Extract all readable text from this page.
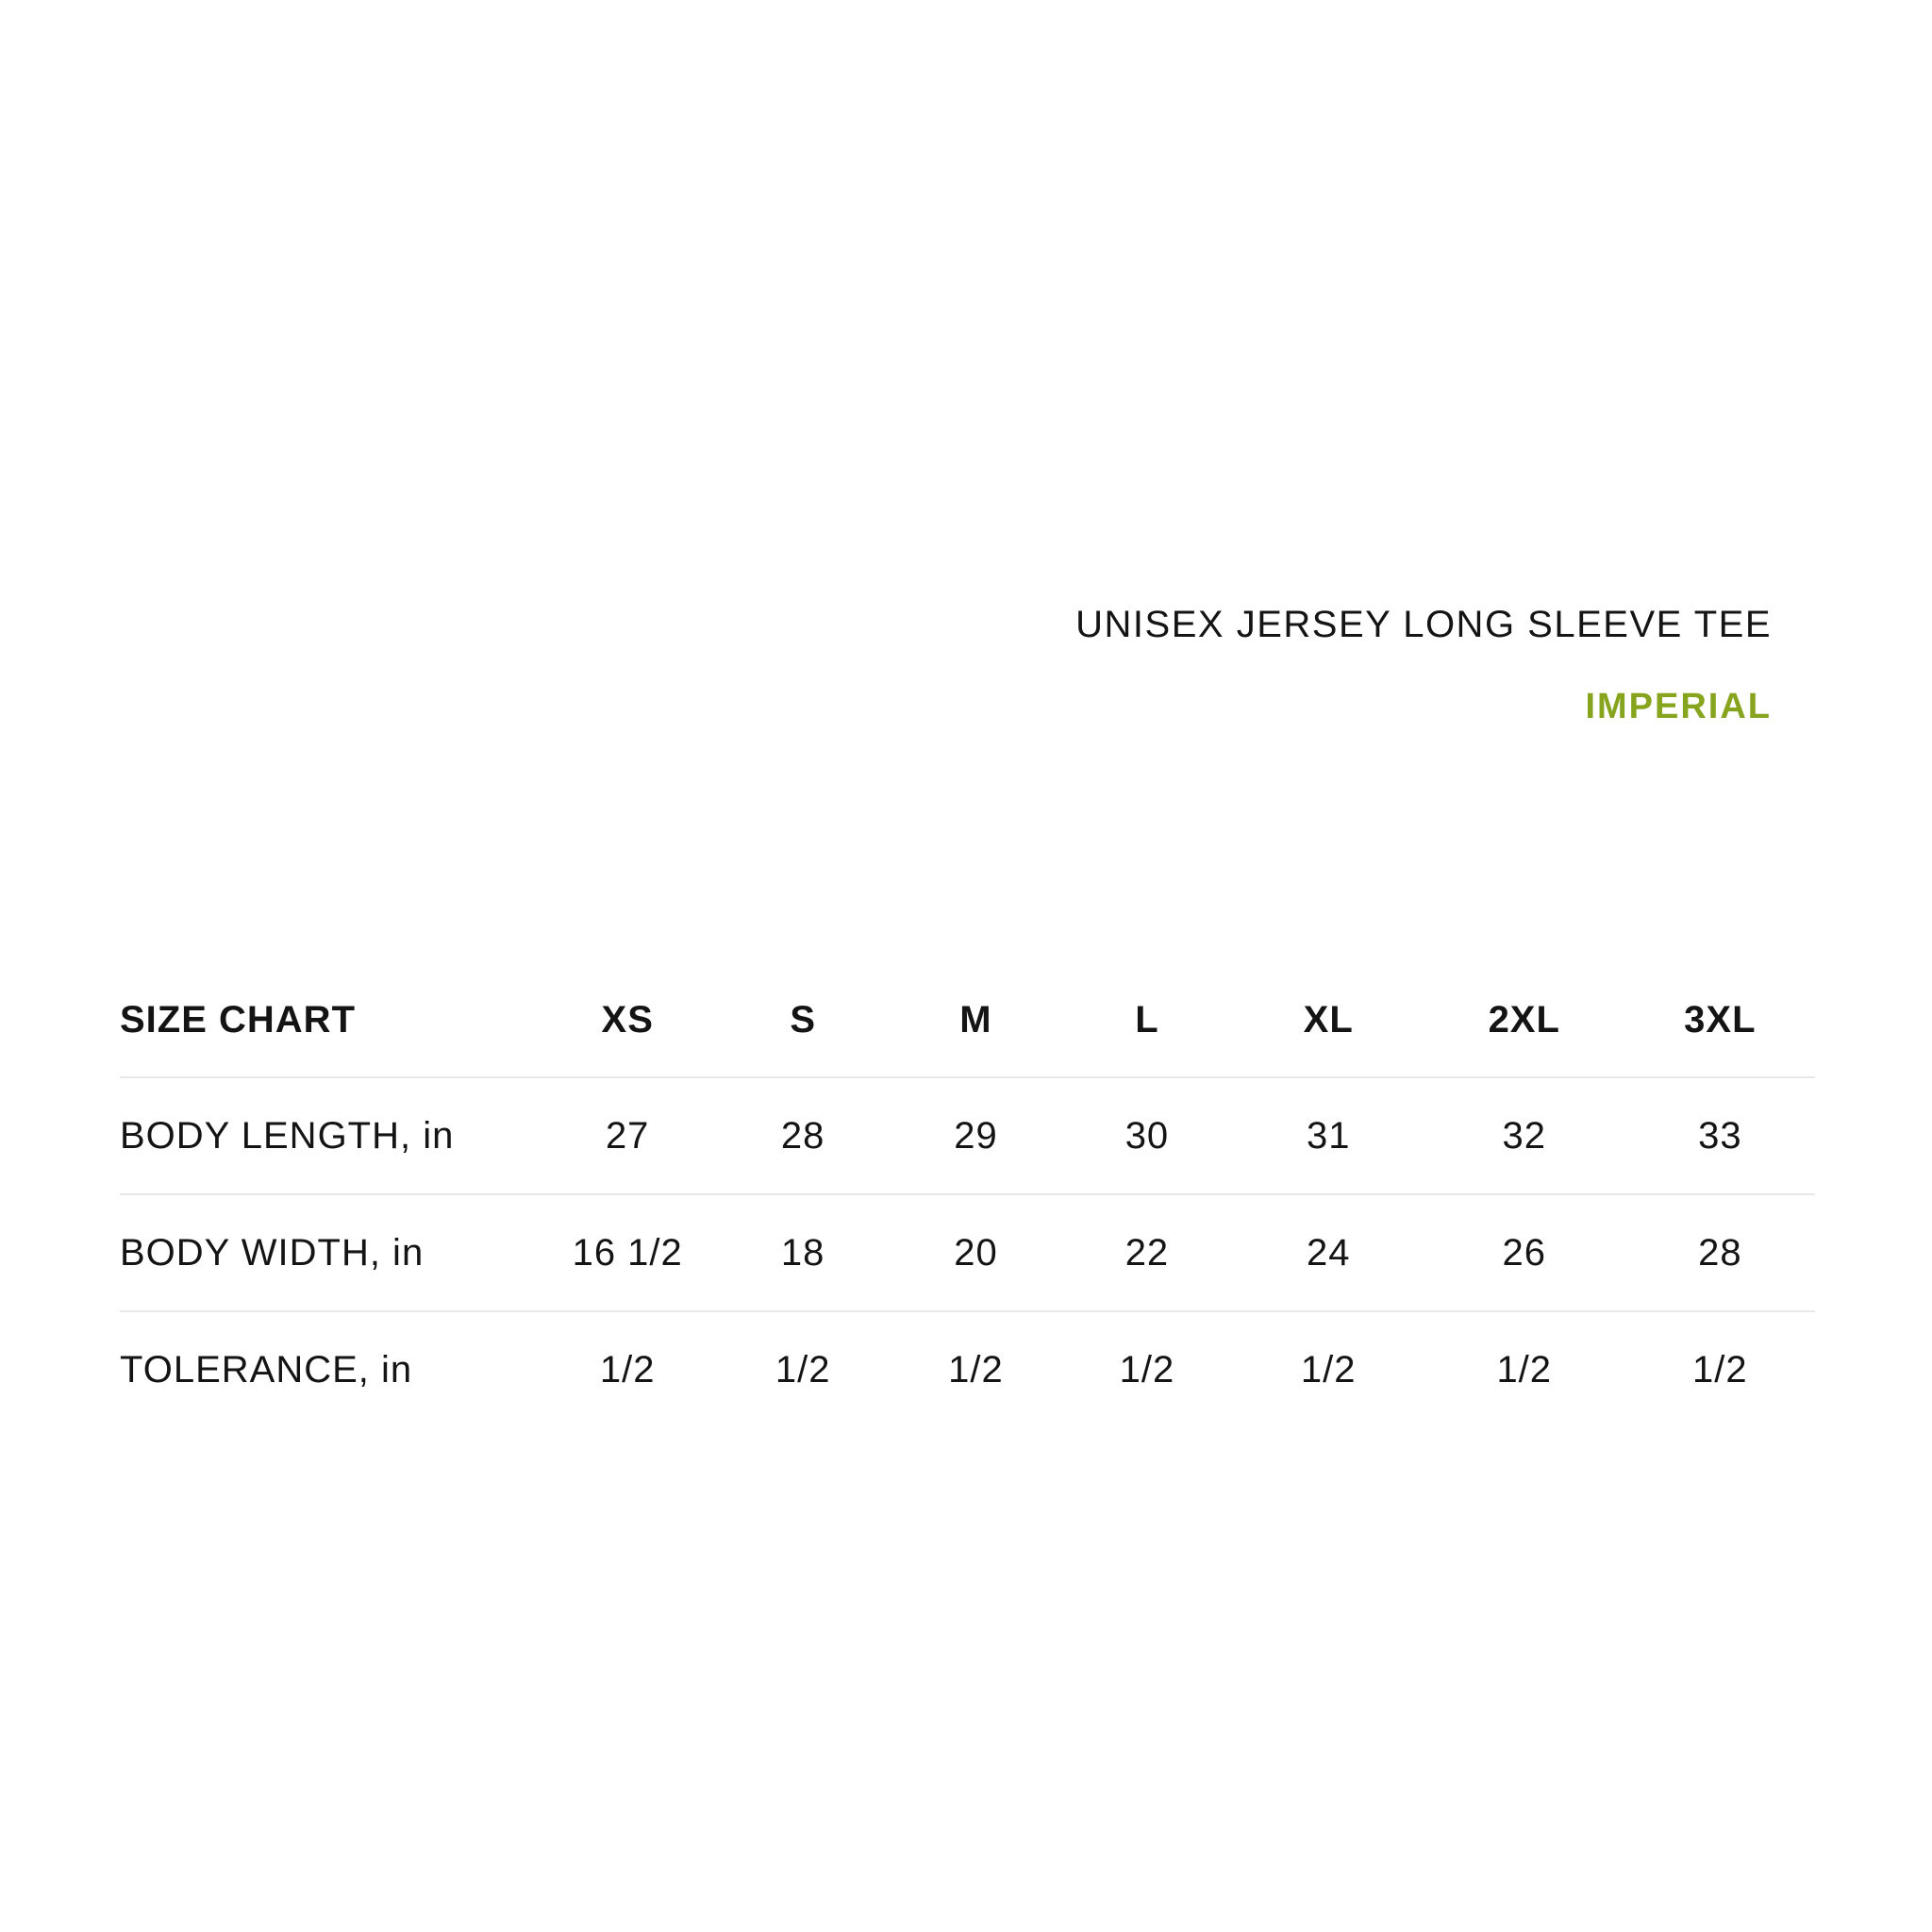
UNISEX JERSEY LONG SLEEVE TEE
IMPERIAL
SIZE CHART	XS	S	M	L	XL	2XL	3XL
BODY LENGTH, in	27	28	29	30	31	32	33
BODY WIDTH, in	16 1/2	18	20	22	24	26	28
TOLERANCE, in	1/2	1/2	1/2	1/2	1/2	1/2	1/2
